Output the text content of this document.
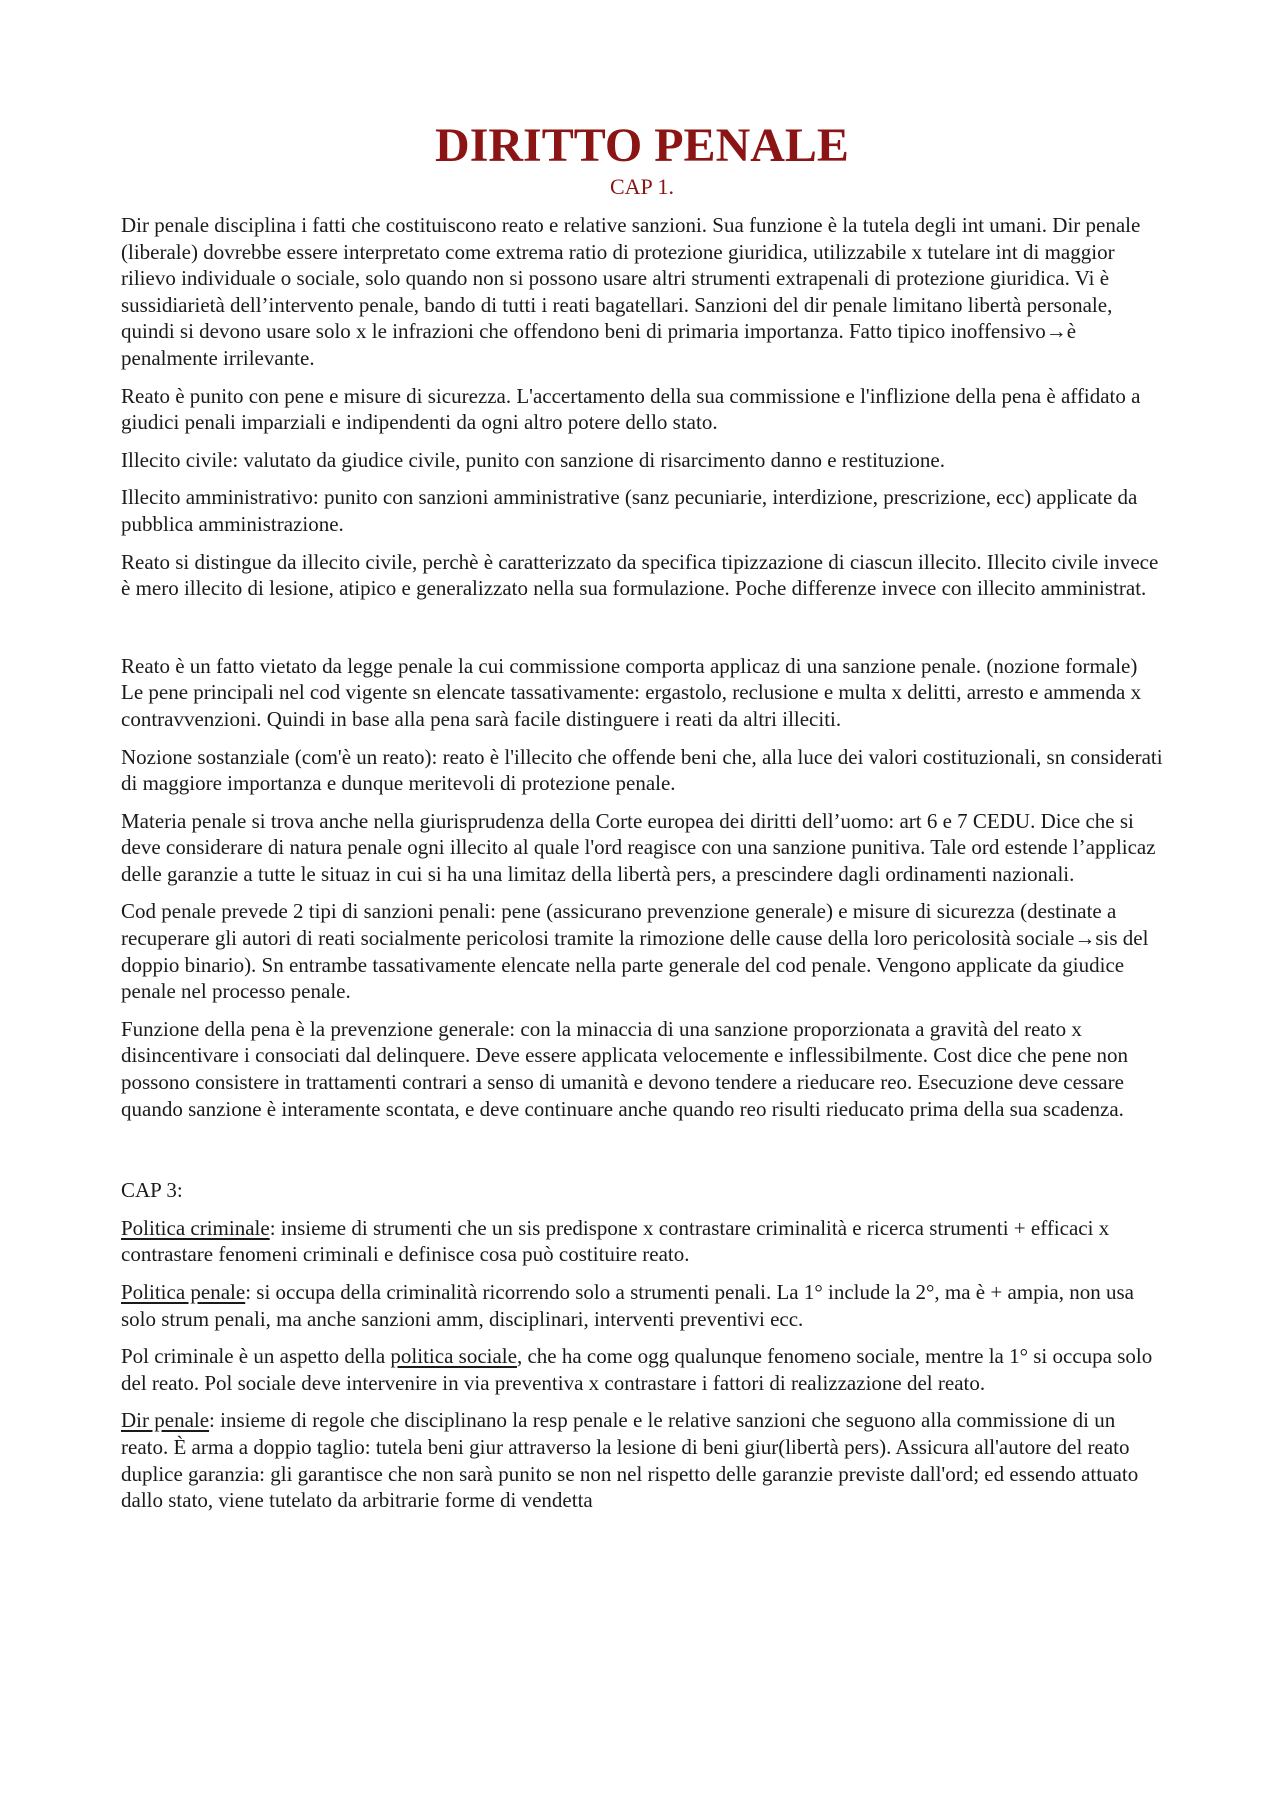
DIRITTO PENALE
CAP 1.

Dir penale disciplina i fatti che costituiscono reato e relative sanzioni. Sua funzione è la tutela degli int umani. Dir penale (liberale) dovrebbe essere interpretato come extrema ratio di protezione giuridica, utilizzabile x tutelare int di maggior rilievo individuale o sociale, solo quando non si possono usare altri strumenti extrapenali di protezione giuridica. Vi è sussidiarietà dell’intervento penale, bando di tutti i reati bagatellari. Sanzioni del dir penale limitano libertà personale, quindi si devono usare solo x le infrazioni che offendono beni di primaria importanza. Fatto tipico inoffensivo→è penalmente irrilevante.

Reato è punito con pene e misure di sicurezza. L'accertamento della sua commissione e l'inflizione della pena è affidato a giudici penali imparziali e indipendenti da ogni altro potere dello stato.

Illecito civile: valutato da giudice civile, punito con sanzione di risarcimento danno e restituzione.

Illecito amministrativo: punito con sanzioni amministrative (sanz pecuniarie, interdizione, prescrizione, ecc) applicate da pubblica amministrazione.

Reato si distingue da illecito civile, perchè è caratterizzato da specifica tipizzazione di ciascun illecito. Illecito civile invece è mero illecito di lesione, atipico e generalizzato nella sua formulazione. Poche differenze invece con illecito amministrat.

Reato è un fatto vietato da legge penale la cui commissione comporta applicaz di una sanzione penale. (nozione formale) Le pene principali nel cod vigente sn elencate tassativamente: ergastolo, reclusione e multa x delitti, arresto e ammenda x contravvenzioni. Quindi in base alla pena sarà facile distinguere i reati da altri illeciti.

Nozione sostanziale (com'è un reato): reato è l'illecito che offende beni che, alla luce dei valori costituzionali, sn considerati di maggiore importanza e dunque meritevoli di protezione penale.

Materia penale si trova anche nella giurisprudenza della Corte europea dei diritti dell’uomo: art 6 e 7 CEDU. Dice che si deve considerare di natura penale ogni illecito al quale l'ord reagisce con una sanzione punitiva. Tale ord estende l’applicaz delle garanzie a tutte le situaz in cui si ha una limitaz della libertà pers, a prescindere dagli ordinamenti nazionali.

Cod penale prevede 2 tipi di sanzioni penali: pene (assicurano prevenzione generale) e misure di sicurezza (destinate a recuperare gli autori di reati socialmente pericolosi tramite la rimozione delle cause della loro pericolosità sociale→sis del doppio binario). Sn entrambe tassativamente elencate nella parte generale del cod penale. Vengono applicate da giudice penale nel processo penale.

Funzione della pena è la prevenzione generale: con la minaccia di una sanzione proporzionata a gravità del reato x disincentivare i consociati dal delinquere. Deve essere applicata velocemente e inflessibilmente. Cost dice che pene non possono consistere in trattamenti contrari a senso di umanità e devono tendere a rieducare reo. Esecuzione deve cessare quando sanzione è interamente scontata, e deve continuare anche quando reo risulti rieducato prima della sua scadenza.

CAP 3:

Politica criminale: insieme di strumenti che un sis predispone x contrastare criminalità e ricerca strumenti + efficaci x contrastare fenomeni criminali e definisce cosa può costituire reato.

Politica penale: si occupa della criminalità ricorrendo solo a strumenti penali. La 1° include la 2°, ma è + ampia, non usa solo strum penali, ma anche sanzioni amm, disciplinari, interventi preventivi ecc.

Pol criminale è un aspetto della politica sociale, che ha come ogg qualunque fenomeno sociale, mentre la 1° si occupa solo del reato. Pol sociale deve intervenire in via preventiva x contrastare i fattori di realizzazione del reato.

Dir penale: insieme di regole che disciplinano la resp penale e le relative sanzioni che seguono alla commissione di un reato. È arma a doppio taglio: tutela beni giur attraverso la lesione di beni giur(libertà pers). Assicura all'autore del reato duplice garanzia: gli garantisce che non sarà punito se non nel rispetto delle garanzie previste dall'ord; ed essendo attuato dallo stato, viene tutelato da arbitrarie forme di vendetta
